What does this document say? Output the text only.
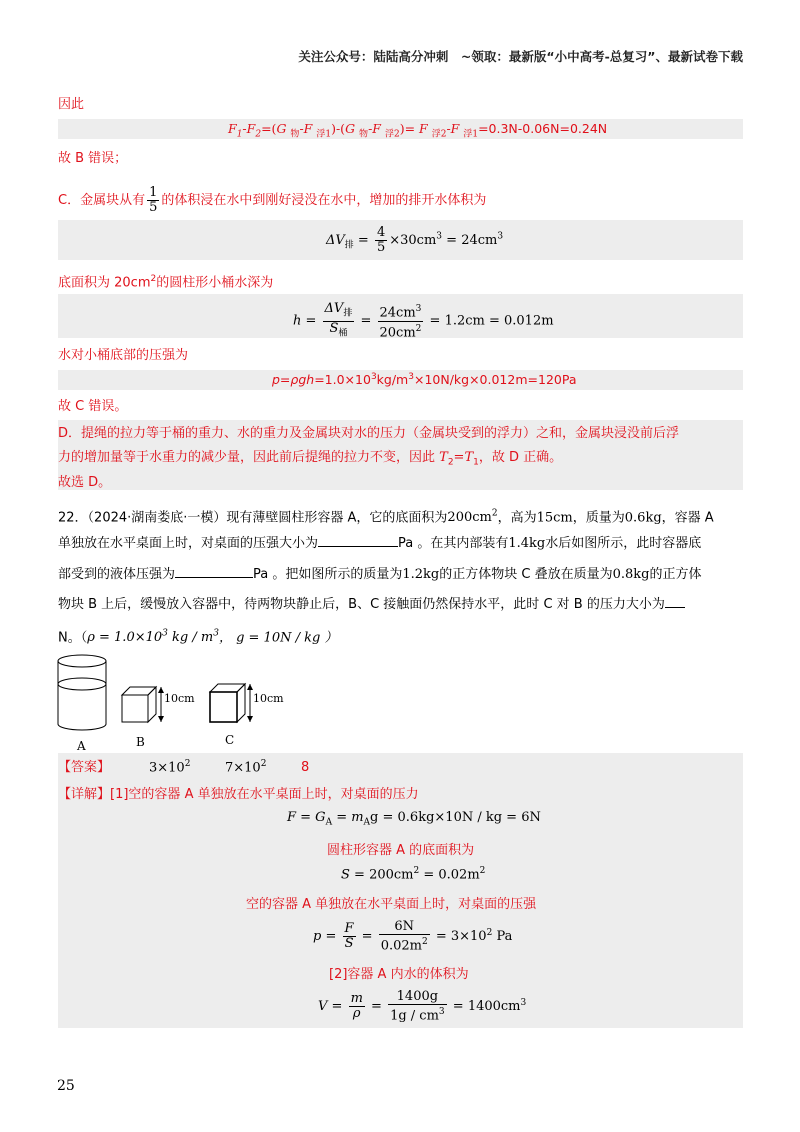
关注公众号：陆陆高分冲刺　~领取：最新版“小中高考-总复习”、最新试卷下载
因此
$F_1-F_2=(G$ $_物$-F $_{浮1}$)-(G $_物$-F $_{浮2}$)= F $_{浮2}$-F $_{浮1}$=0.3N-0.06N=0.24N
故 B 错误；
C．金属块从有 $\frac{1}{5}$ 的体积浸在水中到刚好浸没在水中，增加的排开水体积为
$\Delta V_排 = \frac{4}{5} \times 30cm^3 = 24cm^3$
底面积为 $20cm^2$的圆柱形小桶水深为
$h = \frac{\Delta V_排}{S_桶} = \frac{24cm^3}{20cm^2} = 1.2cm = 0.012m$
水对小桶底部的压强为
$p=\rho gh=1.0\times 10^3kg/m^3\times 10N/kg\times 0.012m=120Pa$
故 C 错误。
D．提绳的拉力等于桶的重力、水的重力及金属块对水的压力（金属块受到的浮力）之和，金属块浸没前后浮
力的增加量等于水重力的减少量，因此前后提绳的拉力不变，因此 $T_2=T_1$，故 D 正确。
故选 D。
22．（2024·湖南娄底·一模）现有薄壁圆柱形容器 A，它的底面积为$200cm^2$，高为15cm，质量为0.6kg，容器 A
单独放在水平桌面上时，对桌面的压强大小为	Pa 。在其内部装有1.4kg水后如图所示，此时容器底
部受到的液体压强为	Pa 。把如图所示的质量为1.2kg的正方体物块 C 叠放在质量为0.8kg的正方体
物块 B 上后，缓慢放入容器中，待两物块静止后，B、C 接触面仍然保持水平，此时 C 对 B 的压力大小为
N。（$\rho = 1.0\times 10^3$ kg / $m^3$， g = 10N / kg ）
A	B	C
10cm	10cm
【答案】	$3\times 10^2$	$7\times 10^2$	8
【详解】[1]空的容器 A 单独放在水平桌面上时，对桌面的压力
$F = G_A = m_Ag = 0.6kg\times 10N$ / kg = 6N
圆柱形容器 A 的底面积为
$S = 200cm^2 = 0.02m^2$
空的容器 A 单独放在水平桌面上时，对桌面的压强
$p = \frac{F}{S} = \frac{6N}{0.02m^2} = 3\times 10^2$ Pa
[2]容器 A 内水的体积为
$V = \frac{m}{\rho} = \frac{1400g}{1g / cm^3} = 1400cm^3$
25
